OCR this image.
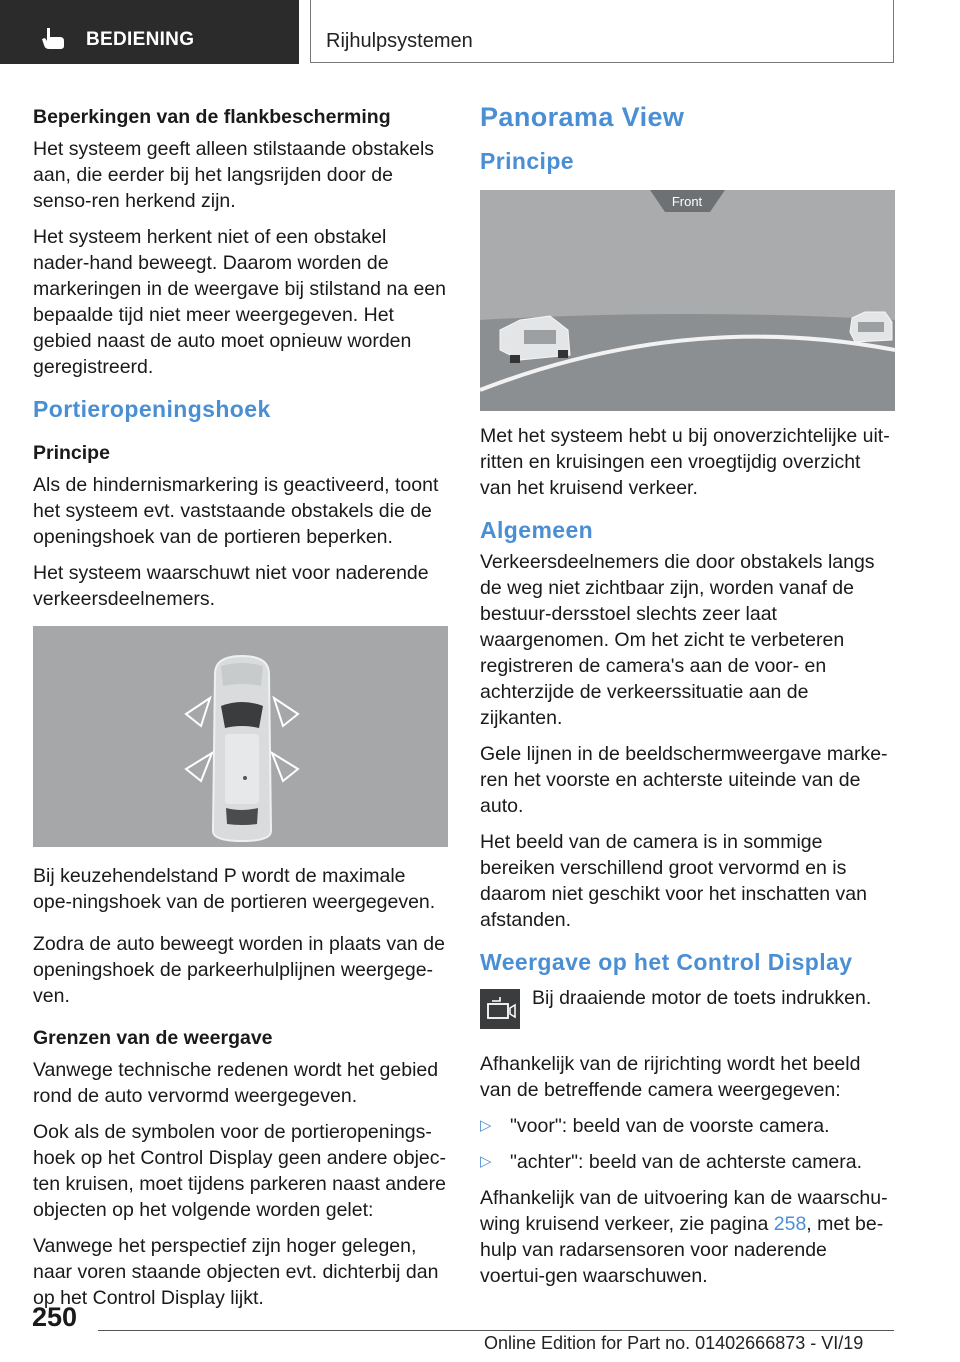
BEDIENING	Rijhulpsystemen

Beperkingen van de flankbescherming

Het systeem geeft alleen stilstaande obstakels aan, die eerder bij het langsrijden door de senso‐ren herkend zijn.

Het systeem herkent niet of een obstakel nader‐hand beweegt. Daarom worden de markeringen in de weergave bij stilstand na een bepaalde tijd niet meer weergegeven. Het gebied naast de auto moet opnieuw worden geregistreerd.

Portieropeningshoek

Principe

Als de hindernismarkering is geactiveerd, toont het systeem evt. vaststaande obstakels die de openingshoek van de portieren beperken.

Het systeem waarschuwt niet voor naderende verkeersdeelnemers.

Bij keuzehendelstand P wordt de maximale ope‐ningshoek van de portieren weergegeven.

Zodra de auto beweegt worden in plaats van de openingshoek de parkeerhulplijnen weergege‐ven.

Grenzen van de weergave

Vanwege technische redenen wordt het gebied rond de auto vervormd weergegeven.

Ook als de symbolen voor de portieropenings‐hoek op het Control Display geen andere objec‐ten kruisen, moet tijdens parkeren naast andere objecten op het volgende worden gelet:

Vanwege het perspectief zijn hoger gelegen, naar voren staande objecten evt. dichterbij dan op het Control Display lijkt.

Panorama View
Principe
Front

Met het systeem hebt u bij onoverzichtelijke uit‐ritten en kruisingen een vroegtijdig overzicht van het kruisend verkeer.

Algemeen

Verkeersdeelnemers die door obstakels langs de weg niet zichtbaar zijn, worden vanaf de bestuur‐dersstoel slechts zeer laat waargenomen. Om het zicht te verbeteren registreren de camera's aan de voor- en achterzijde de verkeerssituatie aan de zijkanten.

Gele lijnen in de beeldschermweergave marke‐ren het voorste en achterste uiteinde van de auto.

Het beeld van de camera is in sommige bereiken verschillend groot vervormd en is daarom niet geschikt voor het inschatten van afstanden.

Weergave op het Control Display

Bij draaiende motor de toets indrukken.

Afhankelijk van de rijrichting wordt het beeld van de betreffende camera weergegeven:

▷ "voor": beeld van de voorste camera.
▷ "achter": beeld van de achterste camera.

Afhankelijk van de uitvoering kan de waarschu‐wing kruisend verkeer, zie pagina 258, met be‐hulp van radarsensoren voor naderende voertui‐gen waarschuwen.

250
Online Edition for Part no. 01402666873 - VI/19
